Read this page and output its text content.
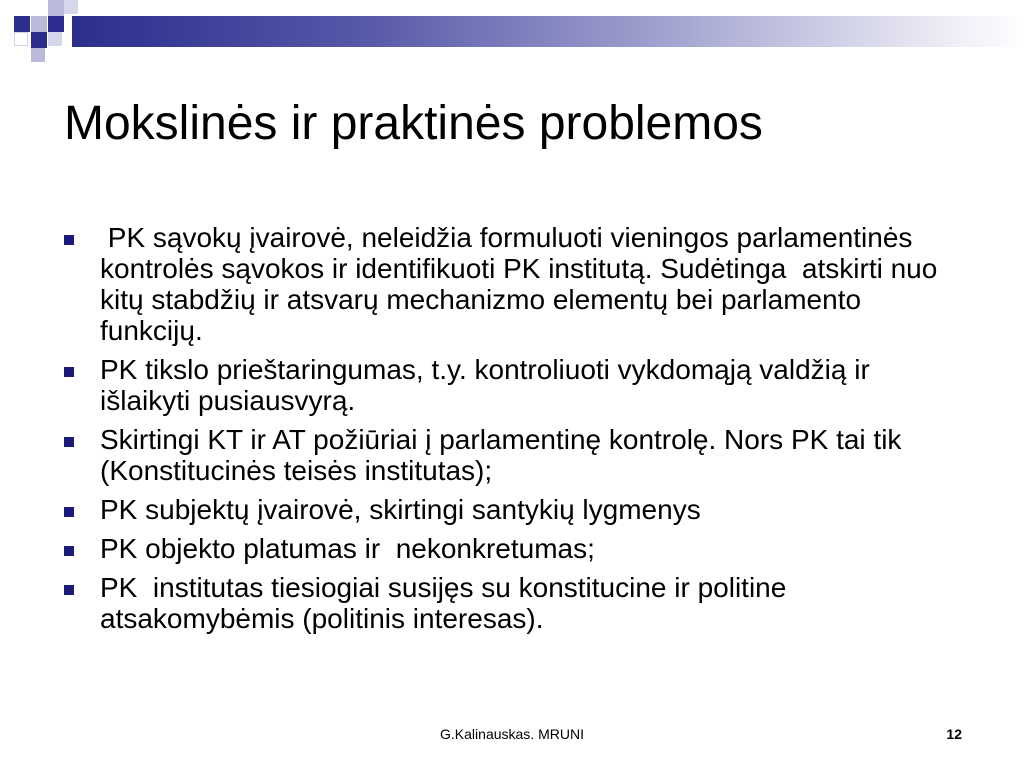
Mokslinės ir praktinės problemos
PK sąvokų įvairovė, neleidžia formuluoti vieningos parlamentinės kontrolės sąvokos ir identifikuoti PK institutą. Sudėtinga  atskirti nuo kitų stabdžių ir atsvarų mechanizmo elementų bei parlamento funkcijų.
PK tikslo prieštaringumas, t.y. kontroliuoti vykdomąją valdžią ir išlaikyti pusiausvyrą.
Skirtingi KT ir AT požiūriai į parlamentinę kontrolę. Nors PK tai tik (Konstitucinės teisės institutas);
PK subjektų įvairovė, skirtingi santykių lygmenys
PK objekto platumas ir  nekonkretumas;
PK  institutas tiesiogiai susijęs su konstitucine ir politine atsakomybėmis (politinis interesas).
G.Kalinauskas. MRUNI	12
